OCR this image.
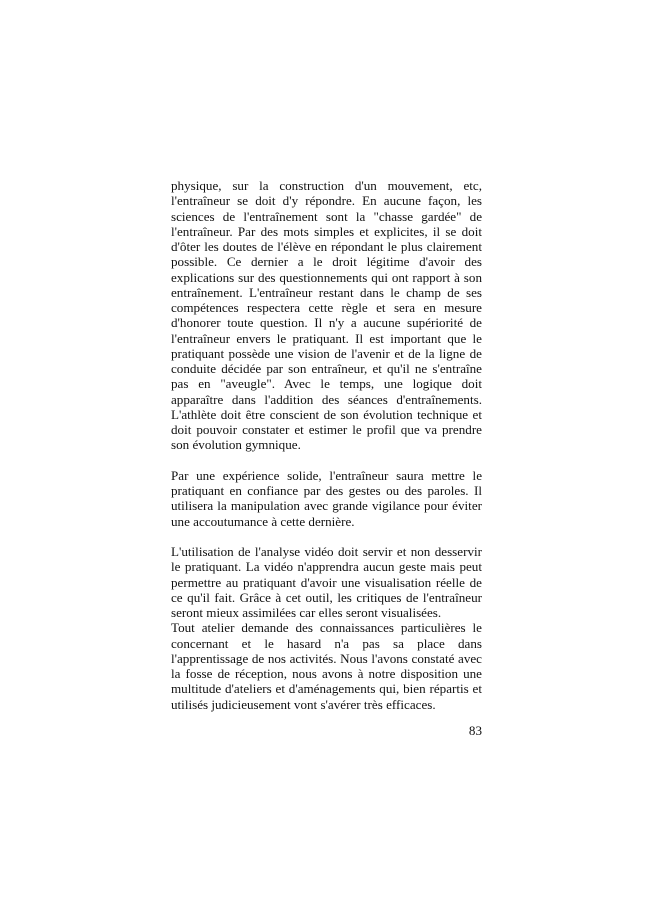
physique, sur la construction d'un mouvement, etc, l'entraîneur se doit d'y répondre. En aucune façon, les sciences de l'entraînement sont la "chasse gardée" de l'entraîneur. Par des mots simples et explicites, il se doit d'ôter les doutes de l'élève en répondant le plus clairement possible. Ce dernier a le droit légitime d'avoir des explications sur des questionnements qui ont rapport à son entraînement. L'entraîneur restant dans le champ de ses compétences respectera cette règle et sera en mesure d'honorer toute question. Il n'y a aucune supériorité de l'entraîneur envers le pratiquant. Il est important que le pratiquant possède une vision de l'avenir et de la ligne de conduite décidée par son entraîneur, et qu'il ne s'entraîne pas en "aveugle". Avec le temps, une logique doit apparaître dans l'addition des séances d'entraînements. L'athlète doit être conscient de son évolution technique et doit pouvoir constater et estimer le profil que va prendre son évolution gymnique.

Par une expérience solide, l'entraîneur saura mettre le pratiquant en confiance par des gestes ou des paroles. Il utilisera la manipulation avec grande vigilance pour éviter une accoutumance à cette dernière.

L'utilisation de l'analyse vidéo doit servir et non desservir le pratiquant. La vidéo n'apprendra aucun geste mais peut permettre au pratiquant d'avoir une visualisation réelle de ce qu'il fait. Grâce à cet outil, les critiques de l'entraîneur seront mieux assimilées car elles seront visualisées.

Tout atelier demande des connaissances particulières le concernant et le hasard n'a pas sa place dans l'apprentissage de nos activités. Nous l'avons constaté avec la fosse de réception, nous avons à notre disposition une multitude d'ateliers et d'aménagements qui, bien répartis et utilisés judicieusement vont s'avérer très efficaces.

83
